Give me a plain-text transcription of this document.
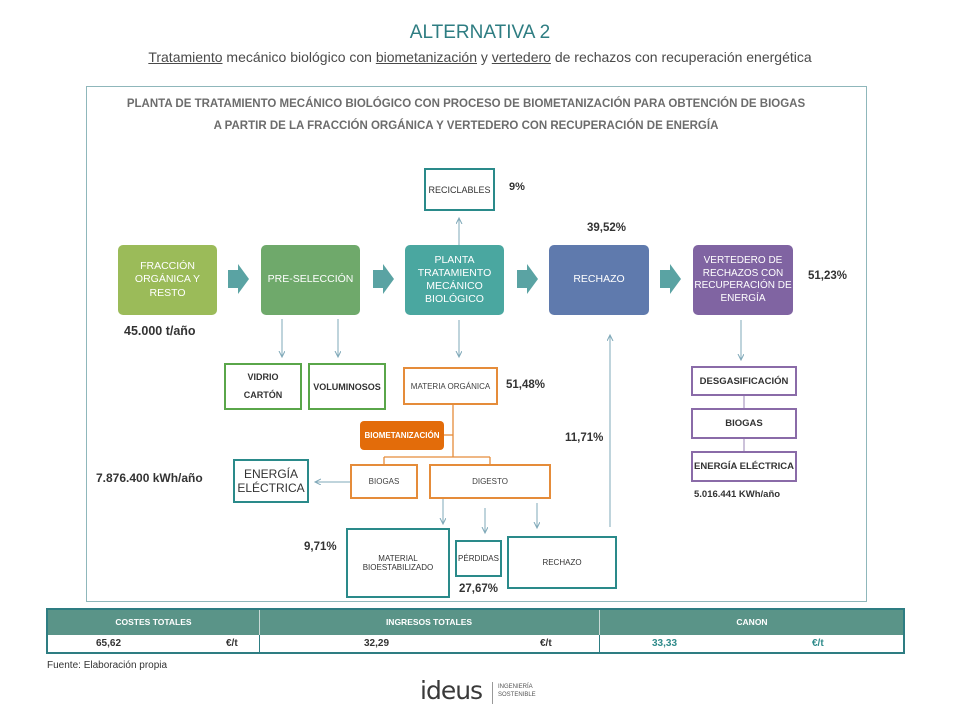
ALTERNATIVA 2
Tratamiento mecánico biológico con biometanización y vertedero de rechazos con recuperación energética
PLANTA DE TRATAMIENTO MECÁNICO BIOLÓGICO CON PROCESO DE BIOMETANIZACIÓN PARA OBTENCIÓN DE BIOGAS
A PARTIR DE LA FRACCIÓN ORGÁNICA Y VERTEDERO CON RECUPERACIÓN DE ENERGÍA
FRACCIÓN ORGÁNICA Y RESTO
PRE-SELECCIÓN
PLANTA TRATAMIENTO MECÁNICO BIOLÓGICO
RECHAZO
VERTEDERO DE RECHAZOS CON RECUPERACIÓN DE ENERGÍA
RECICLABLES
VIDRIO
CARTÓN
VOLUMINOSOS	MATERIA ORGÁNICA
BIOMETANIZACIÓN
BIOGAS	DIGESTO
ENERGÍA ELÉCTRICA
MATERIAL BIOESTABILIZADO
PÉRDIDAS	RECHAZO
DESGASIFICACIÓN
BIOGAS
ENERGÍA ELÉCTRICA
45.000 t/año
9%
39,52%
51,23%
51,48%
11,71%
7.876.400 kWh/año
9,71%
27,67%
5.016.441 KWh/año
COSTES TOTALES	INGRESOS TOTALES	CANON
65,62	€/t	32,29	€/t	33,33	€/t
Fuente: Elaboración propia
ideus	INGENIERÍA
SOSTENIBLE
